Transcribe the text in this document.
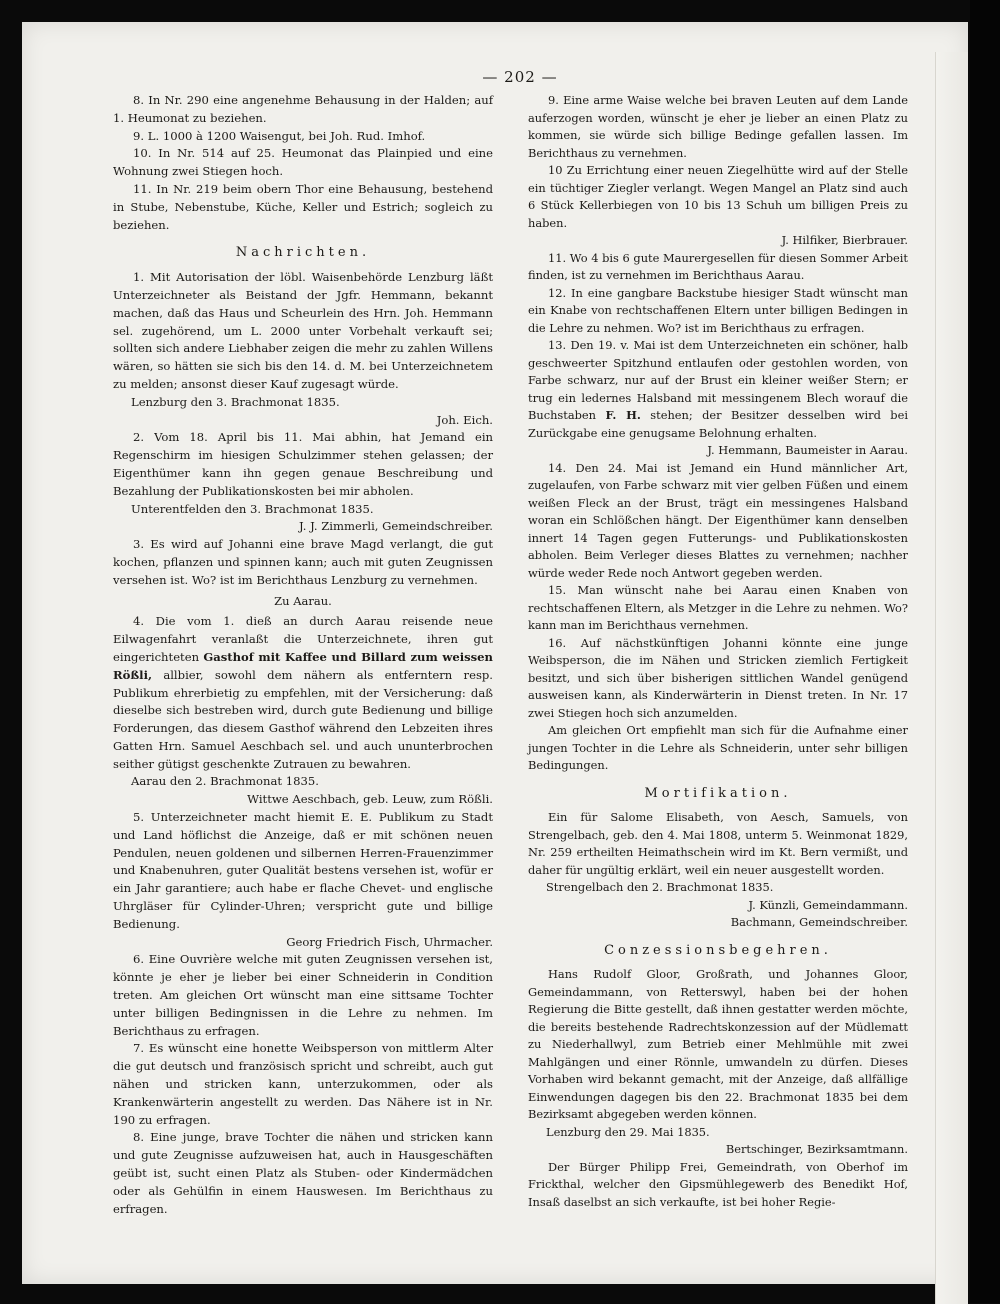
— 202 —

8. In Nr. 290 eine angenehme Behausung in der Halden; auf 1. Heumonat zu beziehen.

9. L. 1000 à 1200 Waisengut, bei Joh. Rud. Imhof.

10. In Nr. 514 auf 25. Heumonat das Plainpied und eine Wohnung zwei Stiegen hoch.

11. In Nr. 219 beim obern Thor eine Behausung, bestehend in Stube, Nebenstube, Küche, Keller und Estrich; sogleich zu beziehen.

Nachrichten.

1. Mit Autorisation der löbl. Waisenbehörde Lenzburg läßt Unterzeichneter als Beistand der Jgfr. Hemmann, bekannt machen, daß das Haus und Scheurlein des Hrn. Joh. Hemmann sel. zugehörend, um L. 2000 unter Vorbehalt verkauft sei; sollten sich andere Liebhaber zeigen die mehr zu zahlen Willens wären, so hätten sie sich bis den 14. d. M. bei Unterzeichnetem zu melden; ansonst dieser Kauf zugesagt würde.

Lenzburg den 3. Brachmonat 1835.

Joh. Eich.

2. Vom 18. April bis 11. Mai abhin, hat Jemand ein Regenschirm im hiesigen Schulzimmer stehen gelassen; der Eigenthümer kann ihn gegen genaue Beschreibung und Bezahlung der Publikationskosten bei mir abholen.

Unterentfelden den 3. Brachmonat 1835.

J. J. Zimmerli, Gemeindschreiber.

3. Es wird auf Johanni eine brave Magd verlangt, die gut kochen, pflanzen und spinnen kann; auch mit guten Zeugnissen versehen ist. Wo? ist im Berichthaus Lenzburg zu vernehmen.

Zu Aarau.

4. Die vom 1. dieß an durch Aarau reisende neue Eilwagenfahrt veranlaßt die Unterzeichnete, ihren gut eingerichteten Gasthof mit Kaffee und Billard zum weissen Rößli, allbier, sowohl dem nähern als entferntern resp. Publikum ehrerbietig zu empfehlen, mit der Versicherung: daß dieselbe sich bestreben wird, durch gute Bedienung und billige Forderungen, das diesem Gasthof während den Lebzeiten ihres Gatten Hrn. Samuel Aeschbach sel. und auch ununterbrochen seither gütigst geschenkte Zutrauen zu bewahren.

Aarau den 2. Brachmonat 1835.

Wittwe Aeschbach, geb. Leuw, zum Rößli.

5. Unterzeichneter macht hiemit E. E. Publikum zu Stadt und Land höflichst die Anzeige, daß er mit schönen neuen Pendulen, neuen goldenen und silbernen Herren-Frauenzimmer und Knabenuhren, guter Qualität bestens versehen ist, wofür er ein Jahr garantiere; auch habe er flache Chevet- und englische Uhrgläser für Cylinder-Uhren; verspricht gute und billige Bedienung.

Georg Friedrich Fisch, Uhrmacher.

6. Eine Ouvrière welche mit guten Zeugnissen versehen ist, könnte je eher je lieber bei einer Schneiderin in Condition treten. Am gleichen Ort wünscht man eine sittsame Tochter unter billigen Bedingnissen in die Lehre zu nehmen. Im Berichthaus zu erfragen.

7. Es wünscht eine honette Weibsperson von mittlerm Alter die gut deutsch und französisch spricht und schreibt, auch gut nähen und stricken kann, unterzukommen, oder als Krankenwärterin angestellt zu werden. Das Nähere ist in Nr. 190 zu erfragen.

8. Eine junge, brave Tochter die nähen und stricken kann und gute Zeugnisse aufzuweisen hat, auch in Hausgeschäften geübt ist, sucht einen Platz als Stuben- oder Kindermädchen oder als Gehülfin in einem Hauswesen. Im Berichthaus zu erfragen.

9. Eine arme Waise welche bei braven Leuten auf dem Lande auferzogen worden, wünscht je eher je lieber an einen Platz zu kommen, sie würde sich billige Bedinge gefallen lassen. Im Berichthaus zu vernehmen.

10 Zu Errichtung einer neuen Ziegelhütte wird auf der Stelle ein tüchtiger Ziegler verlangt. Wegen Mangel an Platz sind auch 6 Stück Kellerbiegen von 10 bis 13 Schuh um billigen Preis zu haben.

J. Hilfiker, Bierbrauer.

11. Wo 4 bis 6 gute Maurergesellen für diesen Sommer Arbeit finden, ist zu vernehmen im Berichthaus Aarau.

12. In eine gangbare Backstube hiesiger Stadt wünscht man ein Knabe von rechtschaffenen Eltern unter billigen Bedingen in die Lehre zu nehmen. Wo? ist im Berichthaus zu erfragen.

13. Den 19. v. Mai ist dem Unterzeichneten ein schöner, halb geschweerter Spitzhund entlaufen oder gestohlen worden, von Farbe schwarz, nur auf der Brust ein kleiner weißer Stern; er trug ein ledernes Halsband mit messingenem Blech worauf die Buchstaben F. H. stehen; der Besitzer desselben wird bei Zurückgabe eine genugsame Belohnung erhalten.

J. Hemmann, Baumeister in Aarau.

14. Den 24. Mai ist Jemand ein Hund männlicher Art, zugelaufen, von Farbe schwarz mit vier gelben Füßen und einem weißen Fleck an der Brust, trägt ein messingenes Halsband woran ein Schlößchen hängt. Der Eigenthümer kann denselben innert 14 Tagen gegen Futterungs- und Publikationskosten abholen. Beim Verleger dieses Blattes zu vernehmen; nachher würde weder Rede noch Antwort gegeben werden.

15. Man wünscht nahe bei Aarau einen Knaben von rechtschaffenen Eltern, als Metzger in die Lehre zu nehmen. Wo? kann man im Berichthaus vernehmen.

16. Auf nächstkünftigen Johanni könnte eine junge Weibsperson, die im Nähen und Stricken ziemlich Fertigkeit besitzt, und sich über bisherigen sittlichen Wandel genügend ausweisen kann, als Kinderwärterin in Dienst treten. In Nr. 17 zwei Stiegen hoch sich anzumelden.

Am gleichen Ort empfiehlt man sich für die Aufnahme einer jungen Tochter in die Lehre als Schneiderin, unter sehr billigen Bedingungen.

Mortifikation.

Ein für Salome Elisabeth, von Aesch, Samuels, von Strengelbach, geb. den 4. Mai 1808, unterm 5. Weinmonat 1829, Nr. 259 ertheilten Heimathschein wird im Kt. Bern vermißt, und daher für ungültig erklärt, weil ein neuer ausgestellt worden.

Strengelbach den 2. Brachmonat 1835.

J. Künzli, Gemeindammann.

Bachmann, Gemeindschreiber.

Conzessionsbegehren.

Hans Rudolf Gloor, Großrath, und Johannes Gloor, Gemeindammann, von Retterswyl, haben bei der hohen Regierung die Bitte gestellt, daß ihnen gestatter werden möchte, die bereits bestehende Radrechtskonzession auf der Müdlematt zu Niederhallwyl, zum Betrieb einer Mehlmühle mit zwei Mahlgängen und einer Rönnle, umwandeln zu dürfen. Dieses Vorhaben wird bekannt gemacht, mit der Anzeige, daß allfällige Einwendungen dagegen bis den 22. Brachmonat 1835 bei dem Bezirksamt abgegeben werden können.

Lenzburg den 29. Mai 1835.

Bertschinger, Bezirksamtmann.

Der Bürger Philipp Frei, Gemeindrath, von Oberhof im Frickthal, welcher den Gipsmühlegewerb des Benedikt Hof, Insaß daselbst an sich verkaufte, ist bei hoher Regie-
